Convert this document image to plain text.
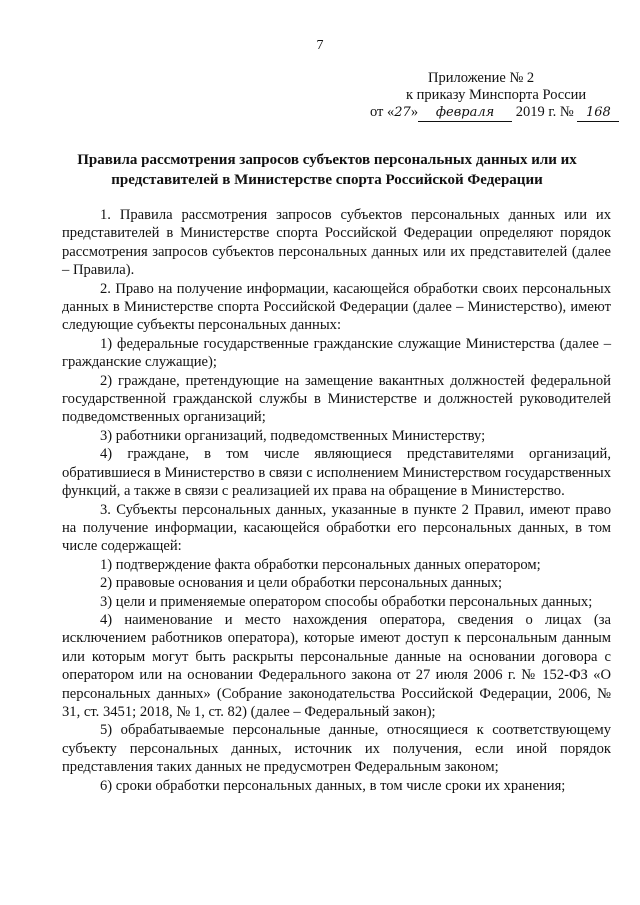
7
Приложение № 2
к приказу Минспорта России
от «27» февраля 2019 г. № 168
Правила рассмотрения запросов субъектов персональных данных или их представителей в Министерстве спорта Российской Федерации

1. Правила рассмотрения запросов субъектов персональных данных или их представителей в Министерстве спорта Российской Федерации определяют порядок рассмотрения запросов субъектов персональных данных или их представителей (далее – Правила).

2. Право на получение информации, касающейся обработки своих персональных данных в Министерстве спорта Российской Федерации (далее – Министерство), имеют следующие субъекты персональных данных:

1) федеральные государственные гражданские служащие Министерства (далее – гражданские служащие);

2) граждане, претендующие на замещение вакантных должностей федеральной государственной гражданской службы в Министерстве и должностей руководителей подведомственных организаций;

3) работники организаций, подведомственных Министерству;

4) граждане, в том числе являющиеся представителями организаций, обратившиеся в Министерство в связи с исполнением Министерством государственных функций, а также в связи с реализацией их права на обращение в Министерство.

3. Субъекты персональных данных, указанные в пункте 2 Правил, имеют право на получение информации, касающейся обработки его персональных данных, в том числе содержащей:

1) подтверждение факта обработки персональных данных оператором;

2) правовые основания и цели обработки персональных данных;

3) цели и применяемые оператором способы обработки персональных данных;

4) наименование и место нахождения оператора, сведения о лицах (за исключением работников оператора), которые имеют доступ к персональным данным или которым могут быть раскрыты персональные данные на основании договора с оператором или на основании Федерального закона от 27 июля 2006 г. № 152-ФЗ «О персональных данных» (Собрание законодательства Российской Федерации, 2006, № 31, ст. 3451; 2018, № 1, ст. 82) (далее – Федеральный закон);

5) обрабатываемые персональные данные, относящиеся к соответствующему субъекту персональных данных, источник их получения, если иной порядок представления таких данных не предусмотрен Федеральным законом;

6) сроки обработки персональных данных, в том числе сроки их хранения;
